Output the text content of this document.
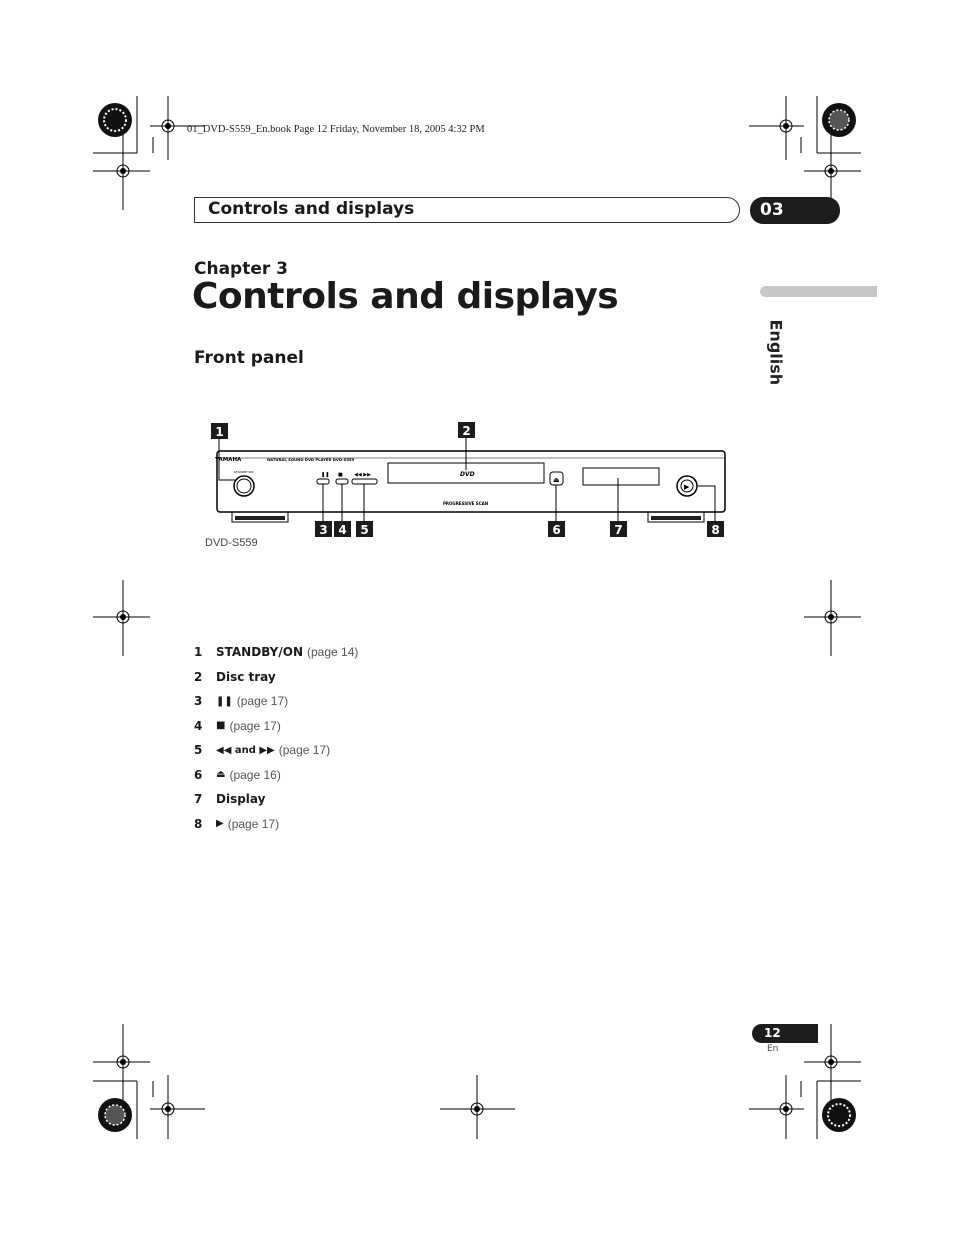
01_DVD-S559_En.book Page 12 Friday, November 18, 2005 4:32 PM
Controls and displays	03
English
Chapter 3
Controls and displays
Front panel
DVD
❚❚ ■ ◀◀ ▶▶
⏏
▶
1	2
3 4 5	6	7	8
YAMAHA	NATURAL SOUND DVD PLAYER DVD-S559
STANDBY/ON
PROGRESSIVE SCAN
DVD-S559
1	STANDBY/ON (page 14)
2	Disc tray
3	❚❚ (page 17)
4	■ (page 17)
5	◀◀ and ▶▶ (page 17)
6	⏏ (page 16)
7	Display
8	▶ (page 17)
12
En
